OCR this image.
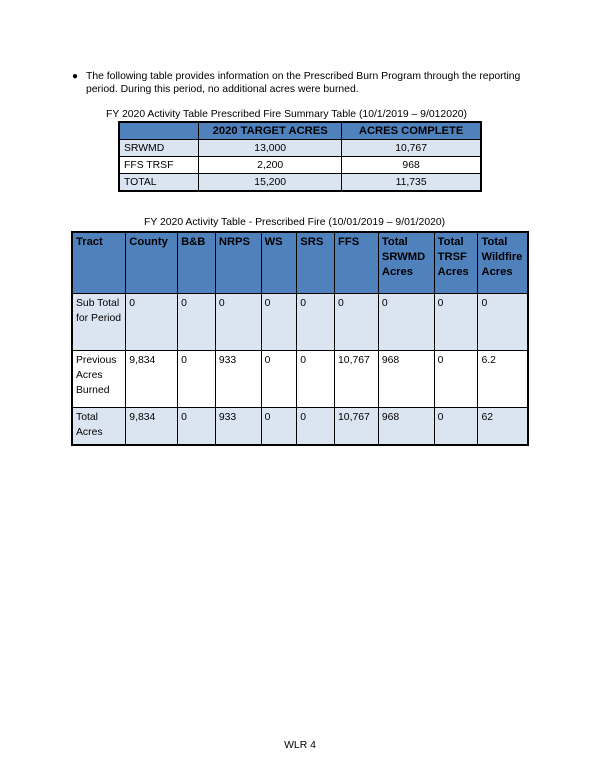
● The following table provides information on the Prescribed Burn Program through the reporting period. During this period, no additional acres were burned.
FY 2020 Activity Table Prescribed Fire Summary Table (10/1/2019 – 9/012020)
	2020 TARGET ACRES	ACRES COMPLETE
SRWMD	13,000	10,767
FFS TRSF	2,200	968
TOTAL	15,200	11,735
FY 2020 Activity Table - Prescribed Fire (10/01/2019 – 9/01/2020)
Tract	County	B&B	NRPS	WS	SRS	FFS	Total SRWMD Acres	Total TRSF Acres	Total Wildfire Acres
Sub Total for Period	0	0	0	0	0	0	0	0	0
Previous Acres Burned	9,834	0	933	0	0	10,767	968	0	6.2
Total Acres	9,834	0	933	0	0	10,767	968	0	62
WLR 4
